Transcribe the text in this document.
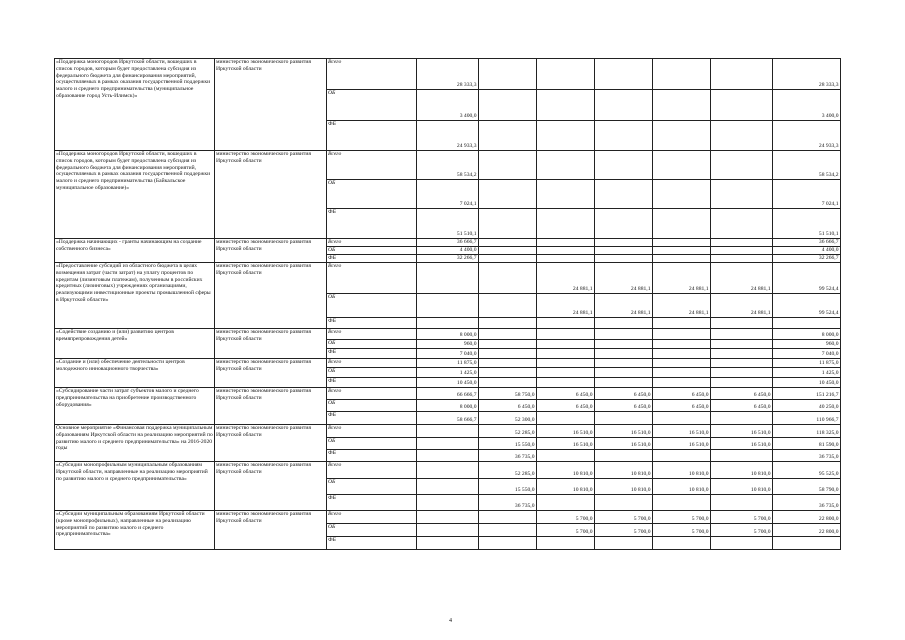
«Поддержка моногородов Иркутской области, вошедших в список городов, которым будет предоставлена субсидия из федерального бюджета для финансирования мероприятий, осуществляемых в рамках оказания государственной поддержки малого и среднего предпринимательства (муниципальное образование город Усть-Илимск)»	министерство экономического развития Иркутской области	Всего	28 333,3						28 333,3
		ОБ	3 400,0						3 400,0
		ФБ	24 933,3						24 933,3
«Поддержка моногородов Иркутской области, вошедших в список городов, которым будет предоставлена субсидия из федерального бюджета для финансирования мероприятий, осуществляемых в рамках оказания государственной поддержки малого и среднего предпринимательства (Байкальское муниципальное образование)»	министерство экономического развития Иркутской области	Всего	58 534,2						58 534,2
		ОБ	7 024,1						7 024,1
		ФБ	51 510,1						51 510,1
«Поддержка начинающих - гранты начинающим на создание собственного бизнеса»	министерство экономического развития Иркутской области	Всего	36 666,7						36 666,7
		ОБ	4 400,0						4 400,0
		ФБ	32 266,7						32 266,7
«Предоставление субсидий из областного бюджета в целях возмещения затрат (части затрат) на уплату процентов по кредитам (лизинговым платежам), полученным в российских кредитных (лизинговых) учреждениях организациями, реализующими инвестиционные проекты промышленной сферы в Иркутской области»	министерство экономического развития Иркутской области	Всего			24 881,1	24 881,1	24 881,1	24 881,1	99 524,4
		ОБ			24 881,1	24 881,1	24 881,1	24 881,1	99 524,4
		ФБ							
«Содействие созданию и (или) развитию центров времяпрепровождения детей»	министерство экономического развития Иркутской области	Всего	8 000,0						8 000,0
		ОБ	960,0						960,0
		ФБ	7 040,0						7 040,0
«Создание и (или) обеспечение деятельности центров молодежного инновационного творчества»	министерство экономического развития Иркутской области	Всего	11 875,0						11 875,0
		ОБ	1 425,0						1 425,0
		ФБ	10 450,0						10 450,0
«Субсидирование части затрат субъектов малого и среднего предпринимательства на приобретение производственного оборудования»	министерство экономического развития Иркутской области	Всего	66 666,7	58 750,0	6 450,0	6 450,0	6 450,0	6 450,0	151 216,7
		ОБ	8 000,0	6 450,0	6 450,0	6 450,0	6 450,0	6 450,0	40 250,0
		ФБ	58 666,7	52 300,0					110 966,7
Основное мероприятие «Финансовая поддержка муниципальным образованиям Иркутской области на реализацию мероприятий по развитию малого и среднего предпринимательства» на 2016-2020 годы	министерство экономического развития Иркутской области	Всего		52 285,0	16 510,0	16 510,0	16 510,0	16 510,0	118 325,0
		ОБ		15 550,0	16 510,0	16 510,0	16 510,0	16 510,0	81 590,0
		ФБ		36 735,0					36 735,0
«Субсидии монопрофильным муниципальным образованиям Иркутской области, направленные на реализацию мероприятий по развитию малого и среднего предпринимательства»	министерство экономического развития Иркутской области	Всего		52 285,0	10 810,0	10 810,0	10 810,0	10 810,0	95 525,0
		ОБ		15 550,0	10 810,0	10 810,0	10 810,0	10 810,0	58 790,0
		ФБ		36 735,0					36 735,0
«Субсидии муниципальным образованиям Иркутской области (кроме монопрофильных), направленные на реализацию мероприятий по развитию малого и среднего предпринимательства»	министерство экономического развития Иркутской области	Всего			5 700,0	5 700,0	5 700,0	5 700,0	22 800,0
		ОБ			5 700,0	5 700,0	5 700,0	5 700,0	22 800,0
		ФБ							
4
